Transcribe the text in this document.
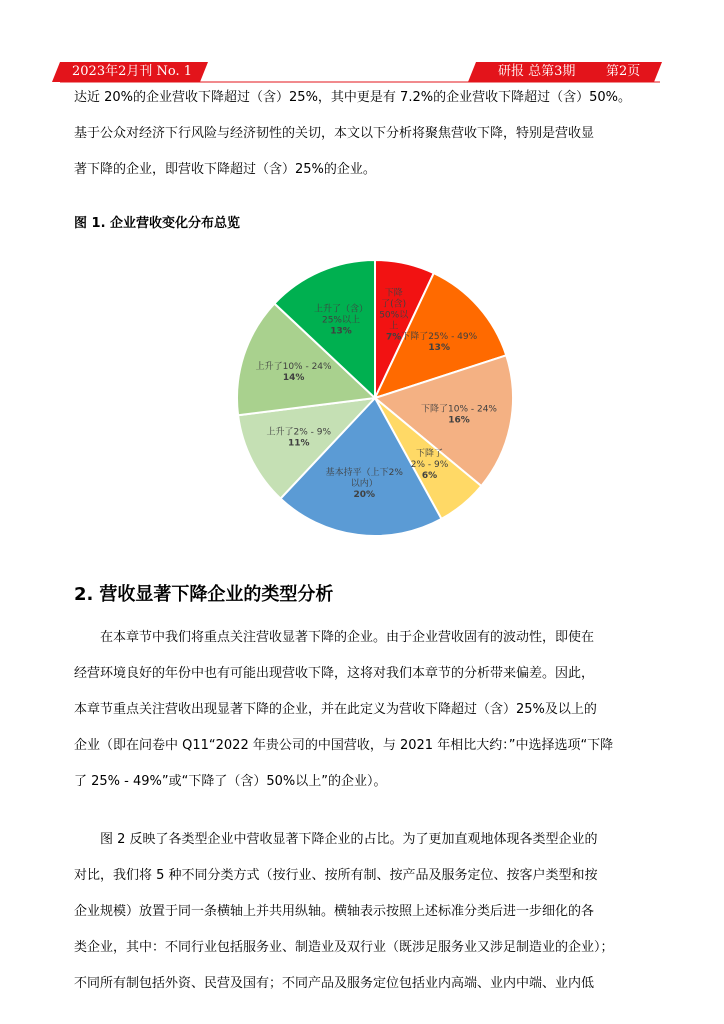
2023年2月刊 No. 1	研报 总第3期 第2页

达近 20%的企业营收下降超过（含）25%，其中更是有 7.2%的企业营收下降超过（含）50%。

基于公众对经济下行风险与经济韧性的关切，本文以下分析将聚焦营收下降，特别是营收显

著下降的企业，即营收下降超过（含）25%的企业。

图 1. 企业营收变化分布总览
下降了(含) 50%以上 7% 下降了25% - 49% 13%
下降了10% - 24% 16%
下降了 2% - 9% 6%
基本持平（上下2%以内） 20%
上升了2% - 9% 11%
上升了10% - 24% 14%
上升了（含） 25%以上 13%
2. 营收显著下降企业的类型分析

　　在本章节中我们将重点关注营收显著下降的企业。由于企业营收固有的波动性，即使在

经营环境良好的年份中也有可能出现营收下降，这将对我们本章节的分析带来偏差。因此，

本章节重点关注营收出现显著下降的企业，并在此定义为营收下降超过（含）25%及以上的

企业（即在问卷中 Q11“2022 年贵公司的中国营收，与 2021 年相比大约：”中选择选项“下降

了 25% - 49%”或“下降了（含）50%以上”的企业）。

　　图 2 反映了各类型企业中营收显著下降企业的占比。为了更加直观地体现各类型企业的

对比，我们将 5 种不同分类方式（按行业、按所有制、按产品及服务定位、按客户类型和按

企业规模）放置于同一条横轴上并共用纵轴。横轴表示按照上述标准分类后进一步细化的各

类企业，其中：不同行业包括服务业、制造业及双行业（既涉足服务业又涉足制造业的企业）；

不同所有制包括外资、民营及国有；不同产品及服务定位包括业内高端、业内中端、业内低
